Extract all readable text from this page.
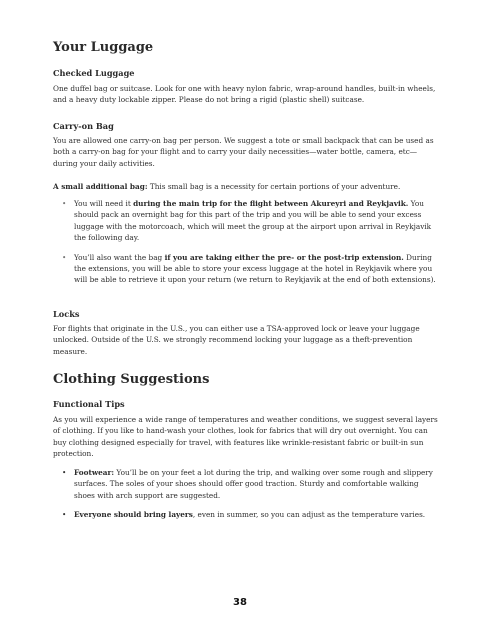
Your Luggage
Checked Luggage

One duffel bag or suitcase. Look for one with heavy nylon fabric, wrap-around handles, built-in wheels, and a heavy duty lockable zipper. Please do not bring a rigid (plastic shell) suitcase.

Carry-on Bag

You are allowed one carry-on bag per person. We suggest a tote or small backpack that can be used as both a carry-on bag for your flight and to carry your daily necessities—water bottle, camera, etc—during your daily activities.

A small additional bag: This small bag is a necessity for certain portions of your adventure.

• You will need it during the main trip for the flight between Akureyri and Reykjavik. You should pack an overnight bag for this part of the trip and you will be able to send your excess luggage with the motorcoach, which will meet the group at the airport upon arrival in Reykjavik the following day.
• You’ll also want the bag if you are taking either the pre- or the post-trip extension. During the extensions, you will be able to store your excess luggage at the hotel in Reykjavik where you will be able to retrieve it upon your return (we return to Reykjavik at the end of both extensions).
Locks

For flights that originate in the U.S., you can either use a TSA-approved lock or leave your luggage unlocked. Outside of the U.S. we strongly recommend locking your luggage as a theft-prevention measure.

Clothing Suggestions
Functional Tips

As you will experience a wide range of temperatures and weather conditions, we suggest several layers of clothing. If you like to hand-wash your clothes, look for fabrics that will dry out overnight. You can buy clothing designed especially for travel, with features like wrinkle-resistant fabric or built-in sun protection.

• Footwear: You’ll be on your feet a lot during the trip, and walking over some rough and slippery surfaces. The soles of your shoes should offer good traction. Sturdy and comfortable walking shoes with arch support are suggested.
• Everyone should bring layers, even in summer, so you can adjust as the temperature varies.
38
